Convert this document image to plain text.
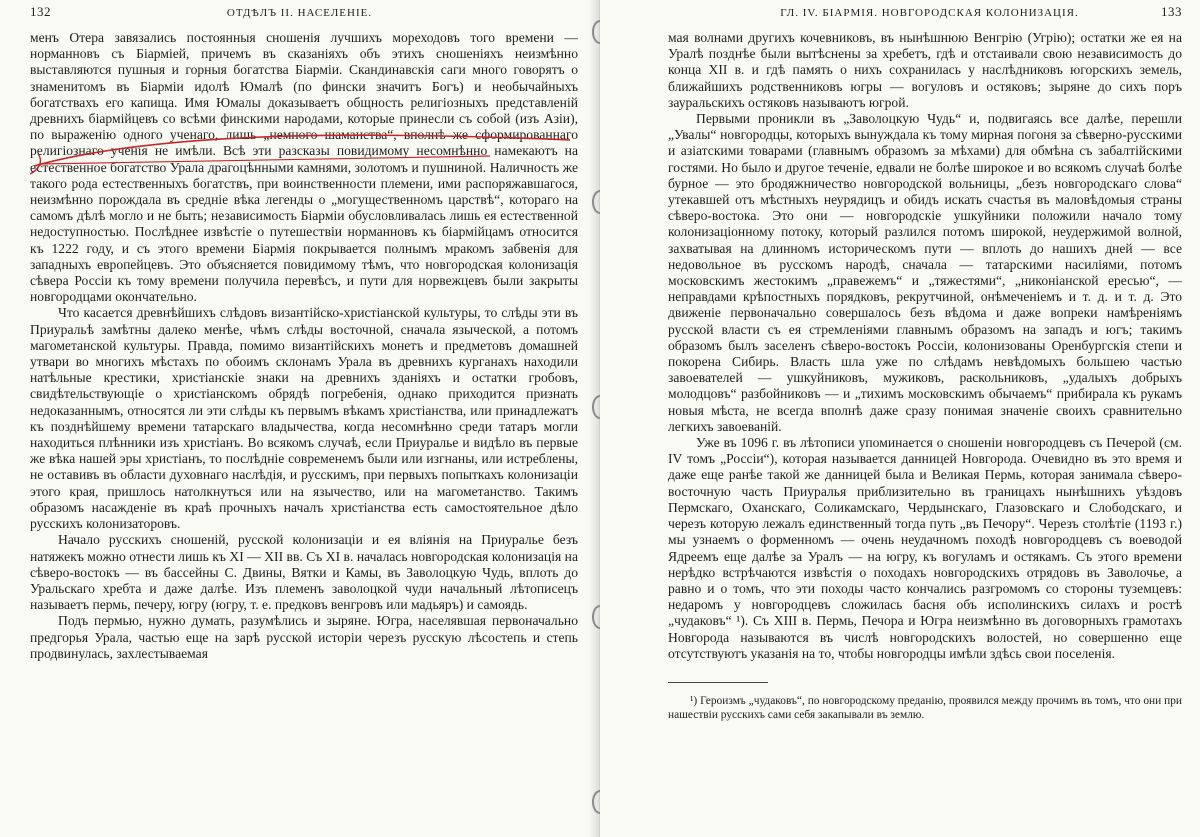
132	ОТДѢЛЪ II. НАСЕЛЕНІЕ.

менъ Отера завязались постоянныя сношенія лучшихъ мореходовъ того времени — норманновъ съ Біарміей, причемъ въ сказаніяхъ объ этихъ сношеніяхъ неизмѣнно выставляются пушныя и горныя богатства Біарміи. Скандинавскія саги много говорятъ о знаменитомъ въ Біарміи идолѣ Юмалѣ (по фински значитъ Богъ) и необычайныхъ богатствахъ его капища. Имя Юмалы доказываетъ общность религіозныхъ представленій древнихъ біармійцевъ со всѣми финскими народами, которые принесли съ собой (изъ Азіи), по выраженію одного ученаго, лишь „немного шаманства“, вполнѣ же сформированнаго религіознаго ученія не имѣли. Всѣ эти разсказы повидимому несомнѣнно намекаютъ на естественное богатство Урала драгоцѣнными камнями, золотомъ и пушниной. Наличность же такого рода естественныхъ богатствъ, при воинственности племени, ими распоряжавшагося, неизмѣнно порождала въ средніе вѣка легенды о „могущественномъ царствѣ“, котораго на самомъ дѣлѣ могло и не быть; независимость Біарміи обусловливалась лишь ея естественной недоступностью. Послѣднее извѣстіе о путешествіи норманновъ къ біармійцамъ относится къ 1222 году, и съ этого времени Біармія покрывается полнымъ мракомъ забвенія для западныхъ европейцевъ. Это объясняется повидимому тѣмъ, что новгородская колонизація сѣвера Россіи къ тому времени получила перевѣсъ, и пути для норвежцевъ были закрыты новгородцами окончательно.

Что касается древнѣйшихъ слѣдовъ византійско-христіанской культуры, то слѣды эти въ Приуральѣ замѣтны далеко менѣе, чѣмъ слѣды восточной, сначала языческой, а потомъ магометанской культуры. Правда, помимо византійскихъ монетъ и предметовъ домашней утвари во многихъ мѣстахъ по обоимъ склонамъ Урала въ древнихъ курганахъ находили натѣльные крестики, христіанскіе знаки на древнихъ зданіяхъ и остатки гробовъ, свидѣтельствующіе о христіанскомъ обрядѣ погребенія, однако приходится признать недоказаннымъ, относятся ли эти слѣды къ первымъ вѣкамъ христіанства, или принадлежатъ къ позднѣйшему времени татарскаго владычества, когда несомнѣнно среди татаръ могли находиться плѣнники изъ христіанъ. Во всякомъ случаѣ, если Приуралье и видѣло въ первые же вѣка нашей эры христіанъ, то послѣдніе современемъ были или изгнаны, или истреблены, не оставивъ въ области духовнаго наслѣдія, и русскимъ, при первыхъ попыткахъ колонизаціи этого края, пришлось натолкнуться или на язычество, или на магометанство. Такимъ образомъ насажденіе въ краѣ прочныхъ началъ христіанства есть самостоятельное дѣло русскихъ колонизаторовъ.

Начало русскихъ сношеній, русской колонизаціи и ея вліянія на Приуралье безъ натяжекъ можно отнести лишь къ XI — XII вв. Съ XI в. началась новгородская колонизація на сѣверо-востокъ — въ бассейны С. Двины, Вятки и Камы, въ Заволоцкую Чудь, вплоть до Уральскаго хребта и даже далѣе. Изъ племенъ заволоцкой чуди начальный лѣтописецъ называетъ пермь, печеру, югру (югру, т. е. предковъ венгровъ или мадьяръ) и самоядь.

Подъ пермью, нужно думать, разумѣлись и зыряне. Югра, населявшая первоначально предгорья Урала, частью еще на зарѣ русской исторіи черезъ русскую лѣсостепь и степь продвинулась, захлестываемая

ГЛ. IV. БІАРМІЯ. НОВГОРОДСКАЯ КОЛОНИЗАЦІЯ.	133

мая волнами другихъ кочевниковъ, въ нынѣшнюю Венгрію (Угрію); остатки же ея на Уралѣ позднѣе были вытѣснены за хребетъ, гдѣ и отстаивали свою независимость до конца XII в. и гдѣ память о нихъ сохранилась у наслѣдниковъ югорскихъ земель, ближайшихъ родственниковъ югры — вогуловъ и остяковъ; зыряне до сихъ поръ зауральскихъ остяковъ называютъ югрой.

Первыми проникли въ „Заволоцкую Чудь“ и, подвигаясь все далѣе, перешли „Увалы“ новгородцы, которыхъ вынуждала къ тому мирная погоня за сѣверно-русскими и азіатскими товарами (главнымъ образомъ за мѣхами) для обмѣна съ забалтійскими гостями. Но было и другое теченіе, едвали не болѣе широкое и во всякомъ случаѣ болѣе бурное — это бродяжничество новгородской вольницы, „безъ новгородскаго слова“ утекавшей отъ мѣстныхъ неурядицъ и обидъ искать счастья въ маловѣдомыя страны сѣверо-востока. Это они — новгородскіе ушкуйники положили начало тому колонизаціонному потоку, который разлился потомъ широкой, неудержимой волной, захватывая на длинномъ историческомъ пути — вплоть до нашихъ дней — все недовольное въ русскомъ народѣ, сначала — татарскими насиліями, потомъ московскимъ жестокимъ „правежемъ“ и „тяжестями“, „никоніанской ересью“, — неправдами крѣпостныхъ порядковъ, рекрутчиной, онѣмеченіемъ и т. д. и т. д. Это движеніе первоначально совершалось безъ вѣдома и даже вопреки намѣреніямъ русской власти съ ея стремленіями главнымъ образомъ на западъ и югъ; такимъ образомъ былъ заселенъ сѣверо-востокъ Россіи, колонизованы Оренбургскія степи и покорена Сибирь. Власть шла уже по слѣдамъ невѣдомыхъ большею частью завоевателей — ушкуйниковъ, мужиковъ, раскольниковъ, „удалыхъ добрыхъ молодцовъ“ разбойниковъ — и „тихимъ московскимъ обычаемъ“ прибирала къ рукамъ новыя мѣста, не всегда вполнѣ даже сразу понимая значеніе своихъ сравнительно легкихъ завоеваній.

Уже въ 1096 г. въ лѣтописи упоминается о сношеніи новгородцевъ съ Печерой (см. IV томъ „Россіи“), которая называется данницей Новгорода. Очевидно въ это время и даже еще ранѣе такой же данницей была и Великая Пермь, которая занимала сѣверо-восточную часть Приуралья приблизительно въ границахъ нынѣшнихъ уѣздовъ Пермскаго, Оханскаго, Соликамскаго, Чердынскаго, Глазовскаго и Слободскаго, и черезъ которую лежалъ единственный тогда путь „въ Печору“. Черезъ столѣтіе (1193 г.) мы узнаемъ о форменномъ — очень неудачномъ походѣ новгородцевъ съ воеводой Ядреемъ еще далѣе за Уралъ — на югру, къ вогуламъ и остякамъ. Съ этого времени нерѣдко встрѣчаются извѣстія о походахъ новгородскихъ отрядовъ въ Заволочье, а равно и о томъ, что эти походы часто кончались разгромомъ со стороны туземцевъ: недаромъ у новгородцевъ сложилась басня объ исполинскихъ силахъ и ростѣ „чудаковъ“ ¹). Съ XIII в. Пермь, Печора и Югра неизмѣнно въ договорныхъ грамотахъ Новгорода называются въ числѣ новгородскихъ волостей, но совершенно еще отсутствуютъ указанія на то, чтобы новгородцы имѣли здѣсь свои поселенія.

¹) Героизмъ „чудаковъ“, по новгородскому преданію, проявился между прочимъ въ томъ, что они при нашествіи русскихъ сами себя закапывали въ землю.
